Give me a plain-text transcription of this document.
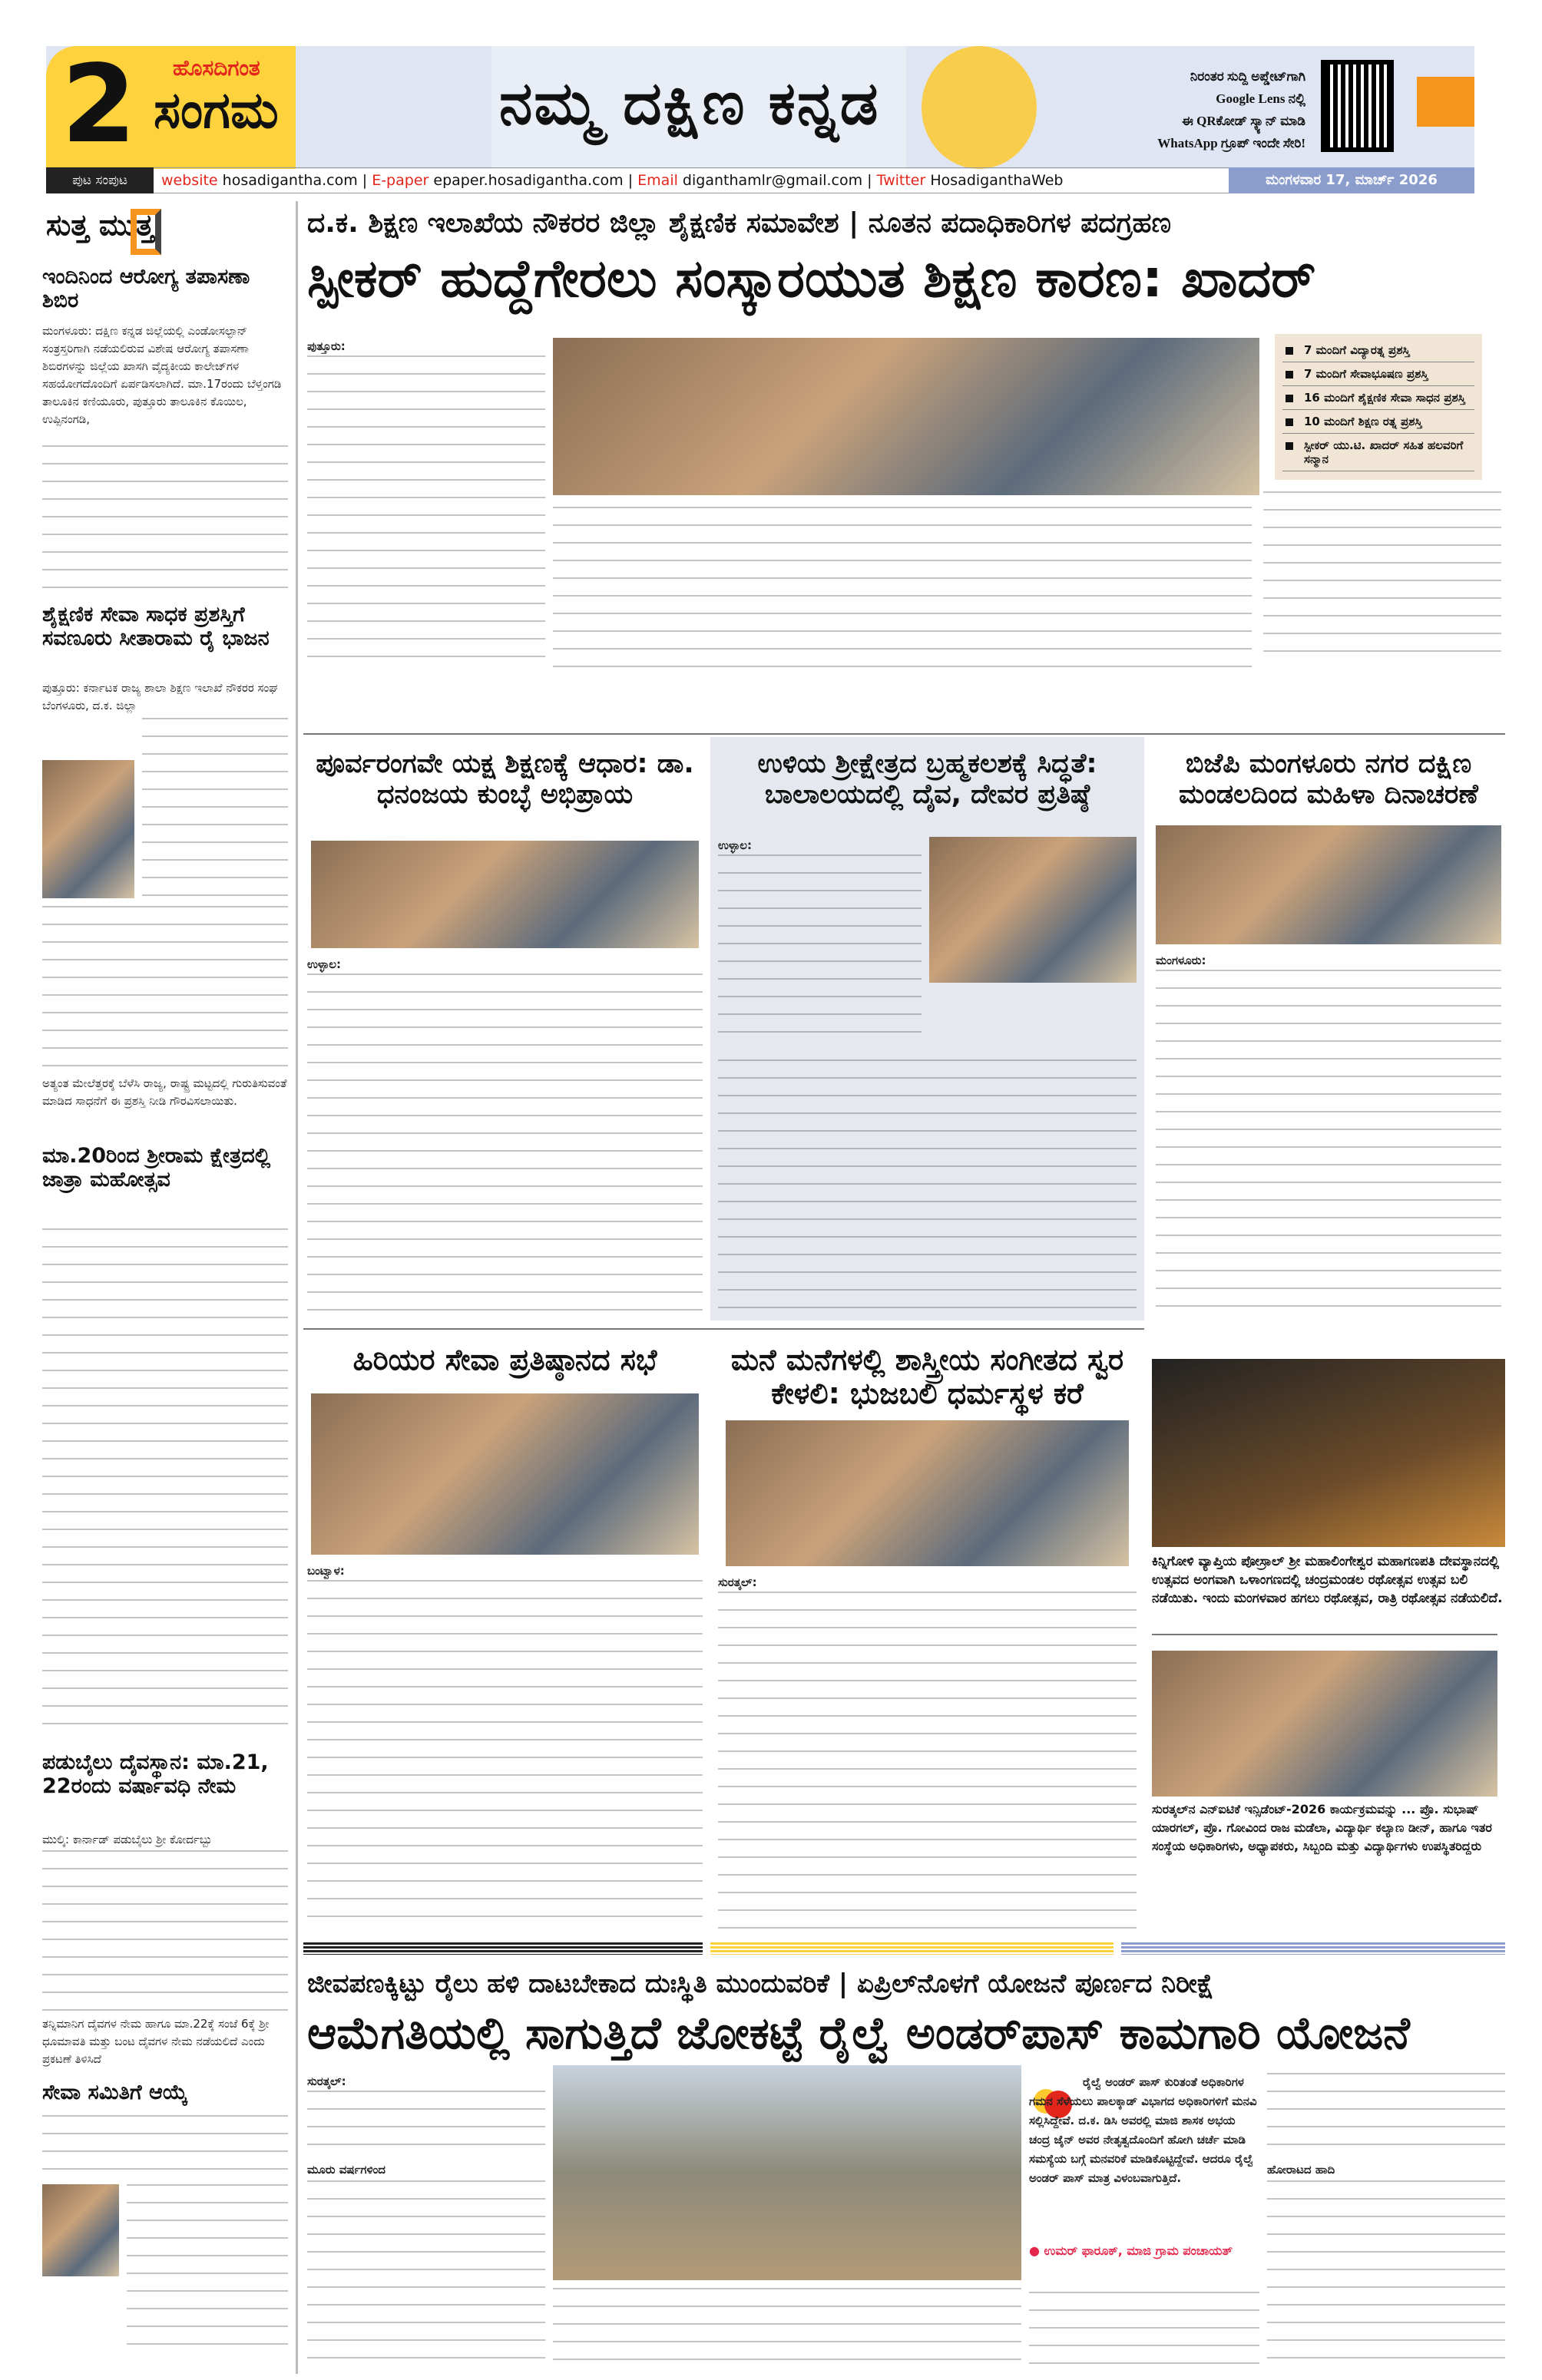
2 ಹೊಸದಿಗಂತ
ಸಂಗಮ	ನಮ್ಮ ದಕ್ಷಿಣ ಕನ್ನಡ	ನಿರಂತರ ಸುದ್ದಿ ಅಪ್ಡೇಟ್‌ಗಾಗಿ
Google Lens ನಲ್ಲಿ
ಈ QRಕೋಡ್ ಸ್ಕ್ಯಾನ್ ಮಾಡಿ
WhatsApp ಗ್ರೂಪ್ ಇಂದೇ ಸೇರಿ!
ಪುಟ ಸಂಪುಟ	website hosadigantha.com | E-paper epaper.hosadigantha.com | Email diganthamlr@gmail.com | Twitter HosadiganthaWeb	ಮಂಗಳವಾರ 17, ಮಾರ್ಚ್ 2026
ಸುತ್ತ ಮುತ್ತ
ಇಂದಿನಿಂದ ಆರೋಗ್ಯ ತಪಾಸಣಾ ಶಿಬಿರ
ಮಂಗಳೂರು: ದಕ್ಷಿಣ ಕನ್ನಡ ಜಿಲ್ಲೆಯಲ್ಲಿ ಎಂಡೋಸಲ್ಫಾನ್ ಸಂತ್ರಸ್ತರಿಗಾಗಿ ನಡೆಯಲಿರುವ ವಿಶೇಷ ಆರೋಗ್ಯ ತಪಾಸಣಾ ಶಿಬಿರಗಳನ್ನು ಜಿಲ್ಲೆಯ ಖಾಸಗಿ ವೈದ್ಯಕೀಯ ಕಾಲೇಜ್‌ಗಳ ಸಹಯೋಗದೊಂದಿಗೆ ಏರ್ಪಡಿಸಲಾಗಿದೆ. ಮಾ.17ರಂದು ಬೆಳ್ತಂಗಡಿ ತಾಲೂಕಿನ ಕಣಿಯೂರು, ಪುತ್ತೂರು ತಾಲೂಕಿನ ಕೊಯಿಲ, ಉಪ್ಪಿನಂಗಡಿ,
ಶೈಕ್ಷಣಿಕ ಸೇವಾ ಸಾಧಕ ಪ್ರಶಸ್ತಿಗೆ ಸವಣೂರು ಸೀತಾರಾಮ ರೈ ಭಾಜನ
ಪುತ್ತೂರು: ಕರ್ನಾಟಕ ರಾಜ್ಯ ಶಾಲಾ ಶಿಕ್ಷಣ ಇಲಾಖೆ ನೌಕರರ ಸಂಘ ಬೆಂಗಳೂರು, ದ.ಕ. ಜಿಲ್ಲಾ
ಅತ್ಯಂತ ಮೇಲೆತ್ತರಕ್ಕೆ ಬೆಳೆಸಿ ರಾಜ್ಯ, ರಾಷ್ಟ್ರ ಮಟ್ಟದಲ್ಲಿ ಗುರುತಿಸುವಂತೆ ಮಾಡಿದ ಸಾಧನೆಗೆ ಈ ಪ್ರಶಸ್ತಿ ನೀಡಿ ಗೌರವಿಸಲಾಯಿತು.
ಮಾ.20ರಿಂದ ಶ್ರೀರಾಮ ಕ್ಷೇತ್ರದಲ್ಲಿ ಜಾತ್ರಾ ಮಹೋತ್ಸವ
ಪಡುಬೈಲು ದೈವಸ್ಥಾನ: ಮಾ.21, 22ರಂದು ವರ್ಷಾವಧಿ ನೇಮ
ಮುಲ್ಕಿ: ಕಾರ್ನಾಡ್ ಪಡುಬೈಲು ಶ್ರೀ ಕೋರ್ದಬ್ಬು
ತನ್ನಿಮಾನಿಗ ದೈವಗಳ ನೇಮ ಹಾಗೂ ಮಾ.22ಕ್ಕೆ ಸಂಜೆ 6ಕ್ಕೆ ಶ್ರೀ ಧೂಮಾವತಿ ಮತ್ತು ಬಂಟ ದೈವಗಳ ನೇಮ ನಡೆಯಲಿದೆ ಎಂದು ಪ್ರಕಟಣೆ ತಿಳಿಸಿದೆ
ಸೇವಾ ಸಮಿತಿಗೆ ಆಯ್ಕೆ
ದ.ಕ. ಶಿಕ್ಷಣ ಇಲಾಖೆಯ ನೌಕರರ ಜಿಲ್ಲಾ ಶೈಕ್ಷಣಿಕ ಸಮಾವೇಶ | ನೂತನ ಪದಾಧಿಕಾರಿಗಳ ಪದಗ್ರಹಣ
ಸ್ಪೀಕರ್ ಹುದ್ದೆಗೇರಲು ಸಂಸ್ಕಾರಯುತ ಶಿಕ್ಷಣ ಕಾರಣ: ಖಾದರ್
ಪುತ್ತೂರು:	7 ಮಂದಿಗೆ ವಿದ್ಯಾರತ್ನ ಪ್ರಶಸ್ತಿ
7 ಮಂದಿಗೆ ಸೇವಾಭೂಷಣ ಪ್ರಶಸ್ತಿ
16 ಮಂದಿಗೆ ಶೈಕ್ಷಣಿಕ ಸೇವಾ ಸಾಧನ ಪ್ರಶಸ್ತಿ
10 ಮಂದಿಗೆ ಶಿಕ್ಷಣ ರತ್ನ ಪ್ರಶಸ್ತಿ
ಸ್ಪೀಕರ್ ಯು.ಟಿ. ಖಾದರ್ ಸಹಿತ ಹಲವರಿಗೆ ಸನ್ಮಾನ
ಪೂರ್ವರಂಗವೇ ಯಕ್ಷ ಶಿಕ್ಷಣಕ್ಕೆ ಆಧಾರ: ಡಾ. ಧನಂಜಯ ಕುಂಬ್ಳೆ ಅಭಿಪ್ರಾಯ
ಉಳ್ಳಾಲ:
ಉಳಿಯ ಶ್ರೀಕ್ಷೇತ್ರದ ಬ್ರಹ್ಮಕಲಶಕ್ಕೆ ಸಿದ್ಧತೆ: ಬಾಲಾಲಯದಲ್ಲಿ ದೈವ, ದೇವರ ಪ್ರತಿಷ್ಠೆ
ಉಳ್ಳಾಲ:
ಬಿಜೆಪಿ ಮಂಗಳೂರು ನಗರ ದಕ್ಷಿಣ ಮಂಡಲದಿಂದ ಮಹಿಳಾ ದಿನಾಚರಣೆ
ಮಂಗಳೂರು:
ಹಿರಿಯರ ಸೇವಾ ಪ್ರತಿಷ್ಠಾನದ ಸಭೆ
ಬಂಟ್ವಾಳ:
ಮನೆ ಮನೆಗಳಲ್ಲಿ ಶಾಸ್ತ್ರೀಯ ಸಂಗೀತದ ಸ್ವರ ಕೇಳಲಿ: ಭುಜಬಲಿ ಧರ್ಮಸ್ಥಳ ಕರೆ
ಸುರತ್ಕಲ್:
ಕಿನ್ನಿಗೋಳಿ ವ್ಯಾಪ್ತಿಯ ಪೋಸ್ರಾಲ್ ಶ್ರೀ ಮಹಾಲಿಂಗೇಶ್ವರ ಮಹಾಗಣಪತಿ ದೇವಸ್ಥಾನದಲ್ಲಿ ಉತ್ಸವದ ಅಂಗವಾಗಿ ಒಳಾಂಗಣದಲ್ಲಿ ಚಂದ್ರಮಂಡಲ ರಥೋತ್ಸವ ಉತ್ಸವ ಬಲಿ ನಡೆಯಿತು. ಇಂದು ಮಂಗಳವಾರ ಹಗಲು ರಥೋತ್ಸವ, ರಾತ್ರಿ ರಥೋತ್ಸವ ನಡೆಯಲಿದೆ.
ಸುರತ್ಕಲ್‌ನ ಎನ್‌ಐಟಿಕೆ ಇನ್ಸಿಡೆಂಟ್-2026 ಕಾರ್ಯಕ್ರಮವನ್ನು ... ಪ್ರೊ. ಸುಭಾಷ್ ಯಾರಗಲ್, ಪ್ರೊ. ಗೋವಿಂದ ರಾಜ ಮಡೆಲಾ, ವಿದ್ಯಾರ್ಥಿ ಕಲ್ಯಾಣ ಡೀನ್, ಹಾಗೂ ಇತರ ಸಂಸ್ಥೆಯ ಅಧಿಕಾರಿಗಳು, ಅಧ್ಯಾಪಕರು, ಸಿಬ್ಬಂದಿ ಮತ್ತು ವಿದ್ಯಾರ್ಥಿಗಳು ಉಪಸ್ಥಿತರಿದ್ದರು
ಜೀವಪಣಕ್ಕಿಟ್ಟು ರೈಲು ಹಳಿ ದಾಟಬೇಕಾದ ದುಃಸ್ಥಿತಿ ಮುಂದುವರಿಕೆ | ಏಪ್ರಿಲ್‌ನೊಳಗೆ ಯೋಜನೆ ಪೂರ್ಣದ ನಿರೀಕ್ಷೆ
ಆಮೆಗತಿಯಲ್ಲಿ ಸಾಗುತ್ತಿದೆ ಜೋಕಟ್ಟೆ ರೈಲ್ವೆ ಅಂಡರ್‌ಪಾಸ್ ಕಾಮಗಾರಿ ಯೋಜನೆ
ಸುರತ್ಕಲ್:
ಮೂರು ವರ್ಷಗಳಿಂದ
ರೈಲ್ವೆ ಅಂಡರ್ ಪಾಸ್ ಕುರಿತಂತೆ ಅಧಿಕಾರಿಗಳ ಗಮನ ಸೆಳೆಯಲು ಪಾಲಕ್ಕಾಡ್ ವಿಭಾಗದ ಅಧಿಕಾರಿಗಳಿಗೆ ಮನವಿ ಸಲ್ಲಿಸಿದ್ದೇವೆ. ದ.ಕ. ಡಿಸಿ ಅವರಲ್ಲಿ ಮಾಜಿ ಶಾಸಕ ಅಭಯ ಚಂದ್ರ ಜೈನ್ ಅವರ ನೇತೃತ್ವದೊಂದಿಗೆ ಹೋಗಿ ಚರ್ಚೆ ಮಾಡಿ ಸಮಸ್ಯೆಯ ಬಗ್ಗೆ ಮನವರಿಕೆ ಮಾಡಿಕೊಟ್ಟಿದ್ದೇವೆ. ಆದರೂ ರೈಲ್ವೆ ಅಂಡರ್ ಪಾಸ್ ಮಾತ್ರ ವಿಳಂಬವಾಗುತ್ತಿದೆ.
● ಉಮರ್ ಫಾರೂಕ್, ಮಾಜಿ ಗ್ರಾಮ ಪಂಚಾಯತ್
ಹೋರಾಟದ ಹಾದಿ
